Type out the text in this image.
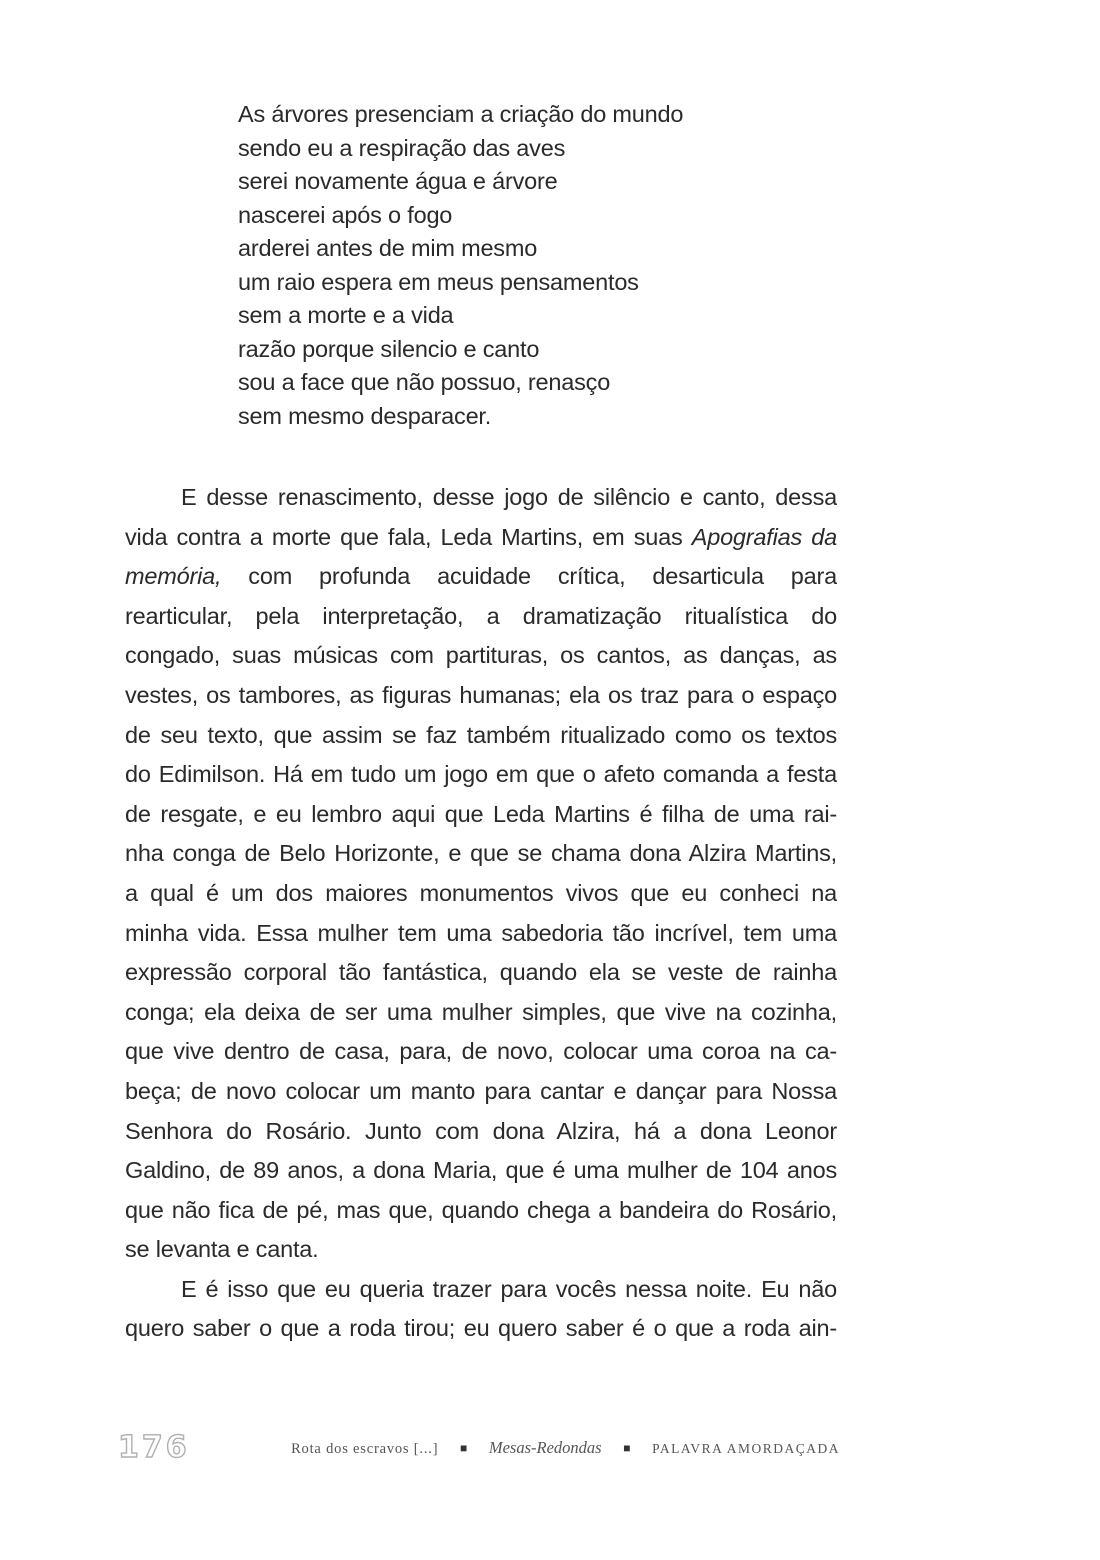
As árvores presenciam a criação do mundo
sendo eu a respiração das aves
serei novamente água e árvore
nascerei após o fogo
arderei antes de mim mesmo
um raio espera em meus pensamentos
sem a morte e a vida
razão porque silencio e canto
sou a face que não possuo, renasço
sem mesmo desparacer.
E desse renascimento, desse jogo de silêncio e canto, dessa
vida contra a morte que fala, Leda Martins, em suas Apografias da
memória, com profunda acuidade crítica, desarticula para
rearticular, pela interpretação, a dramatização ritualística do
congado, suas músicas com partituras, os cantos, as danças, as
vestes, os tambores, as figuras humanas; ela os traz para o espaço
de seu texto, que assim se faz também ritualizado como os textos
do Edimilson. Há em tudo um jogo em que o afeto comanda a festa
de resgate, e eu lembro aqui que Leda Martins é filha de uma rai-
nha conga de Belo Horizonte, e que se chama dona Alzira Martins,
a qual é um dos maiores monumentos vivos que eu conheci na
minha vida. Essa mulher tem uma sabedoria tão incrível, tem uma
expressão corporal tão fantástica, quando ela se veste de rainha
conga; ela deixa de ser uma mulher simples, que vive na cozinha,
que vive dentro de casa, para, de novo, colocar uma coroa na ca-
beça; de novo colocar um manto para cantar e dançar para Nossa
Senhora do Rosário. Junto com dona Alzira, há a dona Leonor
Galdino, de 89 anos, a dona Maria, que é uma mulher de 104 anos
que não fica de pé, mas que, quando chega a bandeira do Rosário,
se levanta e canta.
E é isso que eu queria trazer para vocês nessa noite. Eu não
quero saber o que a roda tirou; eu quero saber é o que a roda ain-
176	Rota dos escravos [...] ■ Mesas-Redondas ■ PALAVRA AMORDAÇADA
